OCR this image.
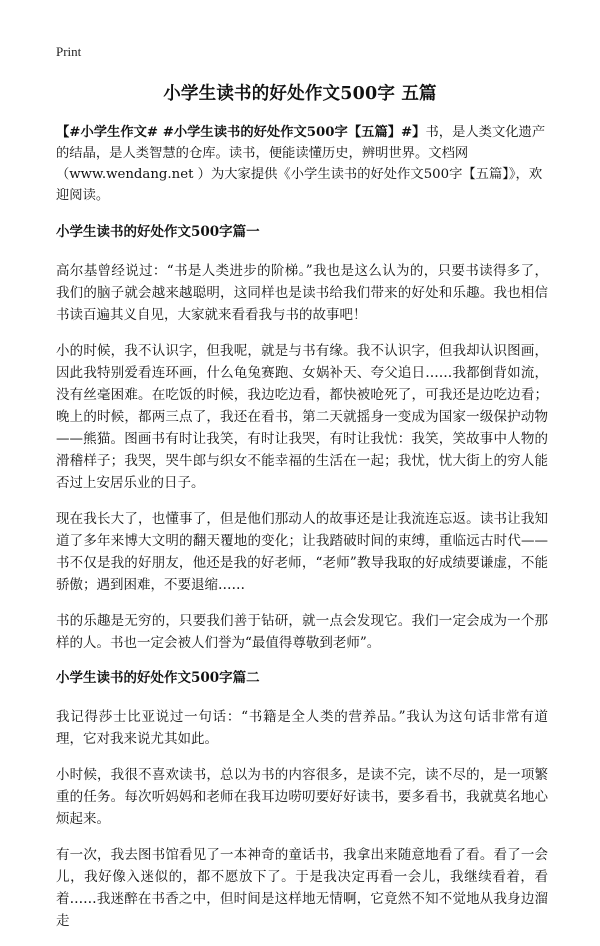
Print
小学生读书的好处作文500字 五篇

【#小学生作文# #小学生读书的好处作文500字【五篇】#】书，是人类文化遗产的结晶，是人类智慧的仓库。读书，便能读懂历史，辨明世界。文档网（www.wendang.net ）为大家提供《小学生读书的好处作文500字【五篇】》，欢迎阅读。

小学生读书的好处作文500字篇一

高尔基曾经说过：“书是人类进步的阶梯。”我也是这么认为的，只要书读得多了，我们的脑子就会越来越聪明，这同样也是读书给我们带来的好处和乐趣。我也相信书读百遍其义自见，大家就来看看我与书的故事吧！

小的时候，我不认识字，但我呢，就是与书有缘。我不认识字，但我却认识图画，因此我特别爱看连环画，什么龟兔赛跑、女娲补天、夸父追日……我都倒背如流，没有丝毫困难。在吃饭的时候，我边吃边看，都快被呛死了，可我还是边吃边看；晚上的时候，都两三点了，我还在看书，第二天就摇身一变成为国家一级保护动物——熊猫。图画书有时让我笑，有时让我哭，有时让我忧：我笑，笑故事中人物的滑稽样子；我哭，哭牛郎与织女不能幸福的生活在一起；我忧，忧大街上的穷人能否过上安居乐业的日子。

现在我长大了，也懂事了，但是他们那动人的故事还是让我流连忘返。读书让我知道了多年来博大文明的翻天覆地的变化；让我踏破时间的束缚，重临远古时代——书不仅是我的好朋友，他还是我的好老师，“老师”教导我取的好成绩要谦虚，不能骄傲；遇到困难，不要退缩……

书的乐趣是无穷的，只要我们善于钻研，就一点会发现它。我们一定会成为一个那样的人。书也一定会被人们誉为“最值得尊敬到老师”。

小学生读书的好处作文500字篇二

我记得莎士比亚说过一句话：“书籍是全人类的营养品。”我认为这句话非常有道理，它对我来说尤其如此。

小时候，我很不喜欢读书，总以为书的内容很多，是读不完，读不尽的，是一项繁重的任务。每次听妈妈和老师在我耳边唠叨要好好读书，要多看书，我就莫名地心烦起来。

有一次，我去图书馆看见了一本神奇的童话书，我拿出来随意地看了看。看了一会儿，我好像入迷似的，都不愿放下了。于是我决定再看一会儿，我继续看着，看着……我迷醉在书香之中，但时间是这样地无情啊，它竟然不知不觉地从我身边溜走
